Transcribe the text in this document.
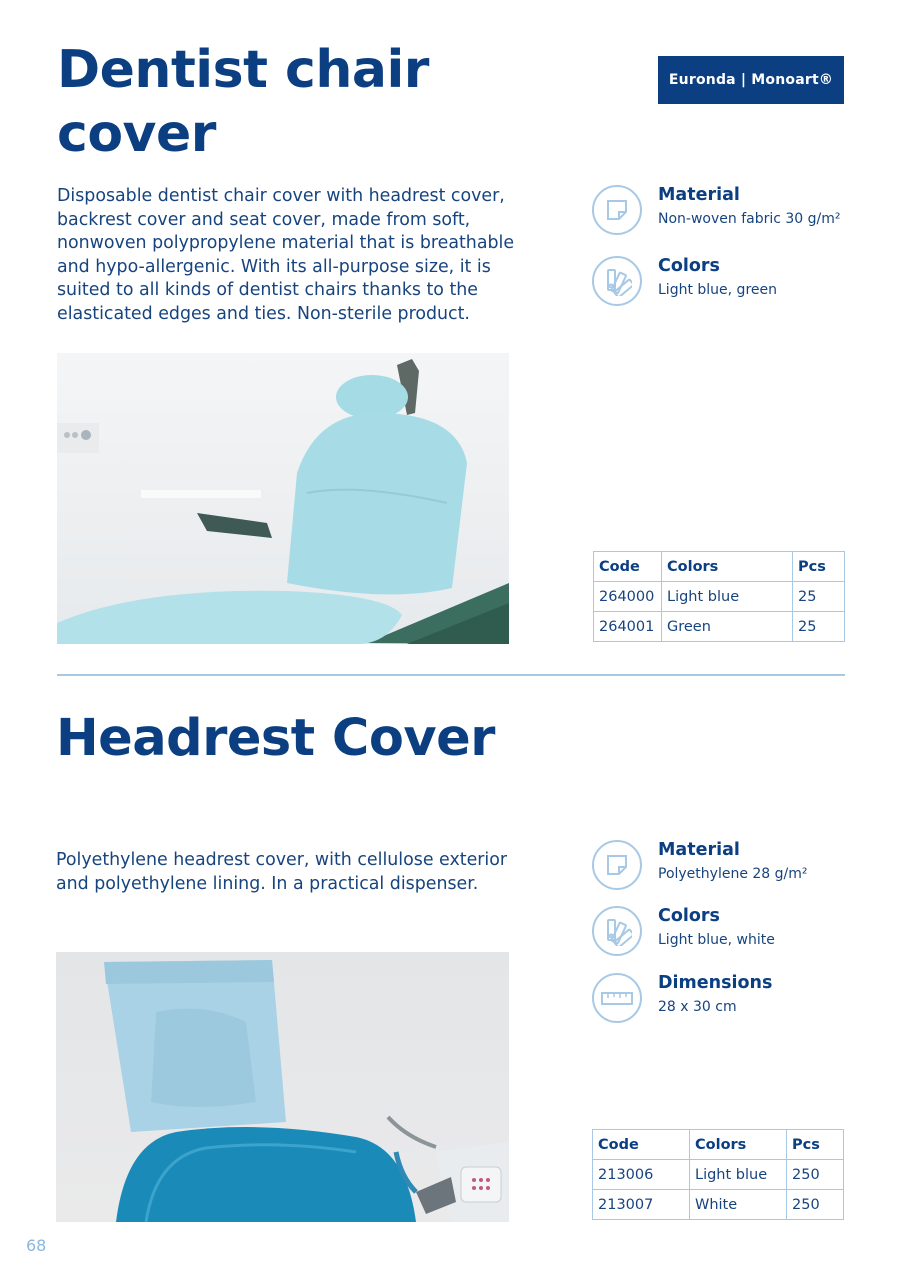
Dentist chair cover
Euronda | Monoart®

Disposable dentist chair cover with headrest cover, backrest cover and seat cover, made from soft, nonwoven polypropylene material that is breathable and hypo-allergenic. With its all-purpose size, it is suited to all kinds of dentist chairs thanks to the elasticated edges and ties. Non-sterile product.

Material
Non-woven fabric 30 g/m²
Colors
Light blue, green
Code	Colors	Pcs
264000	Light blue	25
264001	Green	25
Headrest Cover

Polyethylene headrest cover, with cellulose exterior and polyethylene lining. In a practical dispenser.

Material
Polyethylene 28 g/m²
Colors
Light blue, white
Dimensions
28 x 30 cm
Code	Colors	Pcs
213006	Light blue	250
213007	White	250
68
